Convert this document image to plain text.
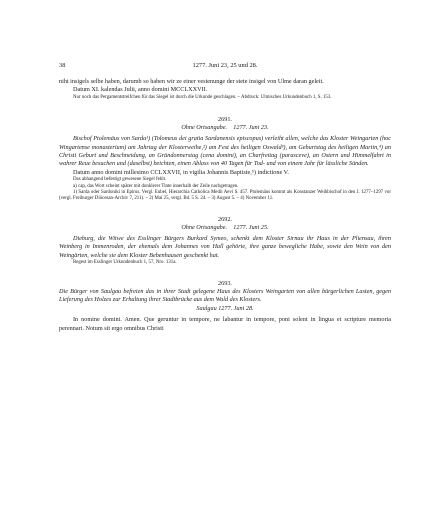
38	1277. Juni 23, 25 und 28.

niht insigels selbe haben, darumb so haben wir ze einer vestenunge der stete insigel von Ulme daran geleit.

Datum XI. kalendas Julii, anno domini MCCLXXVII.

Nur noch das Pergamentstreifchen für das Siegel ist durch die Urkunde geschlagen. – Abdruck: Ulmisches Urkundenbuch 1, S. 153.

2691.

Ohne Ortsangabe. 1277. Juni 23.

Bischof Ptolemäus von Sarda¹) (Tolomeus dei gratia Sardanensis episcopus) verleiht allen, welche das Kloster Weingarten (hoc Wingartense monasterium) am Jahrtag der Klosterweihe,²) am Fest des heiligen Oswald³), am Geburtstag des heiligen Martin,⁴) an Christi Geburt und Beschneidung, an Gründonnerstag (cena domini), an Charfreitag (parasceve), an Ostern und Himmelfahrt in wahrer Reue besuchen und (daselbst) beichten, einen Ablass von 40 Tagen für Tod- und von einem Jahr für lässliche Sünden.

Datum anno domini millesimo CCLXXVII, in vigilia Johannis Baptiste,⁵) indictione V.

Das abhangend befestigt gewesene Siegel fehlt.

a) cap, das Wort scheint später mit dunklerer Tinte innerhalb der Zeile nachgetragen.

1) Sarda oder Sardoniki in Epirus. Vergl. Eubel, Hierarchia Catholica Medii Aevi S. 457. Ptolemäus kommt als Konstanzer Weihbischof in den J. 1277–1297 vor (vergl. Freiburger Diöcesan-Archiv 7, 211). – 2) Mai 25, vergl. Bd. 5 S. 24. – 3) August 5. – 4) November 11.

2692.

Ohne Ortsangabe. 1277. Juni 25.

Dieburg, die Witwe des Esslinger Bürgers Burkard Symeo, schenkt dem Kloster Sirnau ihr Haus in der Pliensau, ihren Weinberg in Immenroden, der ehemals dem Johannes von Hall gehörte, ihre ganze bewegliche Habe, sowie den Wein von den Weingärten, welche sie dem Kloster Bebenhausen geschenkt hat.

Regest im Esslinger Urkundenbuch 1, 57, Nro. 131a.

2693.

Die Bürger von Saulgau befreien das in ihrer Stadt gelegene Haus des Klosters Weingarten von allen bürgerlichen Lasten, gegen Lieferung des Holzes zur Erhaltung ihrer Stadtbrücke aus dem Wald des Klosters.

Saulgau 1277. Juni 28.

In nomine domini. Amen. Que geruntur in tempore, ne labantur in tempore, poni solent in lingua et scripture memoria perennari. Notum sit ergo omnibus Christi
